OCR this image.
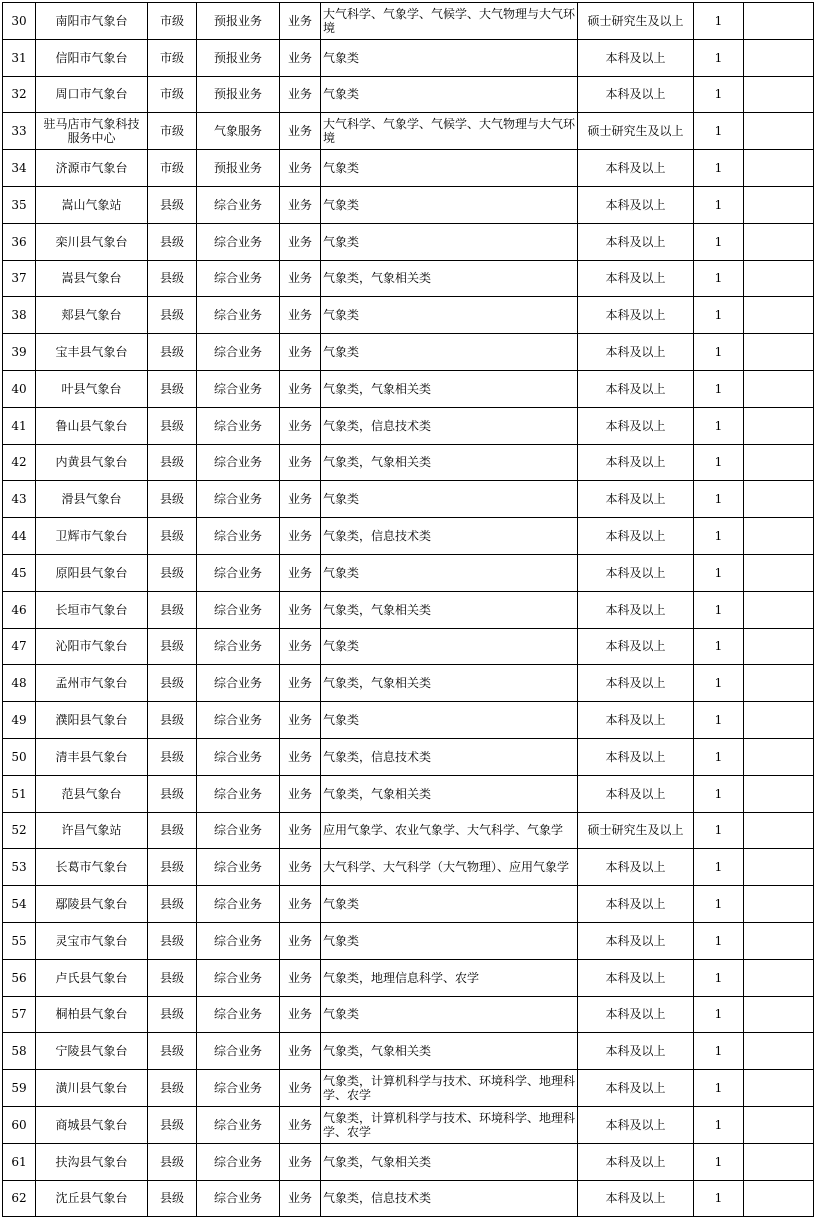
30	南阳市气象台	市级	预报业务	业务	大气科学、气象学、气候学、大气物理与大气环境	硕士研究生及以上	1	
31	信阳市气象台	市级	预报业务	业务	气象类	本科及以上	1	
32	周口市气象台	市级	预报业务	业务	气象类	本科及以上	1	
33	驻马店市气象科技服务中心	市级	气象服务	业务	大气科学、气象学、气候学、大气物理与大气环境	硕士研究生及以上	1	
34	济源市气象台	市级	预报业务	业务	气象类	本科及以上	1	
35	嵩山气象站	县级	综合业务	业务	气象类	本科及以上	1	
36	栾川县气象台	县级	综合业务	业务	气象类	本科及以上	1	
37	嵩县气象台	县级	综合业务	业务	气象类，气象相关类	本科及以上	1	
38	郏县气象台	县级	综合业务	业务	气象类	本科及以上	1	
39	宝丰县气象台	县级	综合业务	业务	气象类	本科及以上	1	
40	叶县气象台	县级	综合业务	业务	气象类，气象相关类	本科及以上	1	
41	鲁山县气象台	县级	综合业务	业务	气象类，信息技术类	本科及以上	1	
42	内黄县气象台	县级	综合业务	业务	气象类，气象相关类	本科及以上	1	
43	滑县气象台	县级	综合业务	业务	气象类	本科及以上	1	
44	卫辉市气象台	县级	综合业务	业务	气象类，信息技术类	本科及以上	1	
45	原阳县气象台	县级	综合业务	业务	气象类	本科及以上	1	
46	长垣市气象台	县级	综合业务	业务	气象类，气象相关类	本科及以上	1	
47	沁阳市气象台	县级	综合业务	业务	气象类	本科及以上	1	
48	孟州市气象台	县级	综合业务	业务	气象类，气象相关类	本科及以上	1	
49	濮阳县气象台	县级	综合业务	业务	气象类	本科及以上	1	
50	清丰县气象台	县级	综合业务	业务	气象类，信息技术类	本科及以上	1	
51	范县气象台	县级	综合业务	业务	气象类，气象相关类	本科及以上	1	
52	许昌气象站	县级	综合业务	业务	应用气象学、农业气象学、大气科学、气象学	硕士研究生及以上	1	
53	长葛市气象台	县级	综合业务	业务	大气科学、大气科学（大气物理）、应用气象学	本科及以上	1	
54	鄢陵县气象台	县级	综合业务	业务	气象类	本科及以上	1	
55	灵宝市气象台	县级	综合业务	业务	气象类	本科及以上	1	
56	卢氏县气象台	县级	综合业务	业务	气象类，地理信息科学、农学	本科及以上	1	
57	桐柏县气象台	县级	综合业务	业务	气象类	本科及以上	1	
58	宁陵县气象台	县级	综合业务	业务	气象类，气象相关类	本科及以上	1	
59	潢川县气象台	县级	综合业务	业务	气象类，计算机科学与技术、环境科学、地理科学、农学	本科及以上	1	
60	商城县气象台	县级	综合业务	业务	气象类，计算机科学与技术、环境科学、地理科学、农学	本科及以上	1	
61	扶沟县气象台	县级	综合业务	业务	气象类，气象相关类	本科及以上	1	
62	沈丘县气象台	县级	综合业务	业务	气象类，信息技术类	本科及以上	1	
